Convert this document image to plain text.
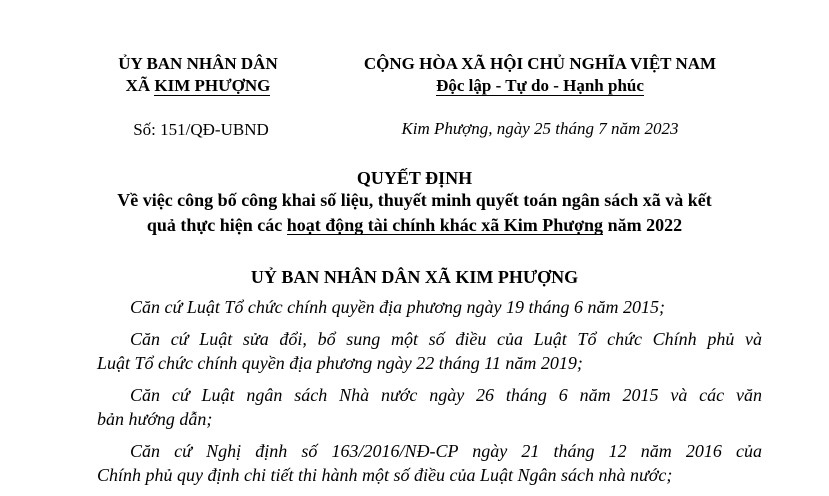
ỦY BAN NHÂN DÂN
XÃ KIM PHƯỢNG
CỘNG HÒA XÃ HỘI CHỦ NGHĨA VIỆT NAM
Độc lập - Tự do - Hạnh phúc
Số: 151/QĐ-UBND	Kim Phượng, ngày 25 tháng 7 năm 2023
QUYẾT ĐỊNH
Về việc công bố công khai số liệu, thuyết minh quyết toán ngân sách xã và kết
quả thực hiện các hoạt động tài chính khác xã Kim Phượng năm 2022
UỶ BAN NHÂN DÂN XÃ KIM PHƯỢNG
Căn cứ Luật Tổ chức chính quyền địa phương ngày 19 tháng 6 năm 2015;
Căn cứ Luật sửa đổi, bổ sung một số điều của Luật Tổ chức Chính phủ và
Luật Tổ chức chính quyền địa phương ngày 22 tháng 11 năm 2019;
Căn cứ Luật ngân sách Nhà nước ngày 26 tháng 6 năm 2015 và các văn
bản hướng dẫn;
Căn cứ Nghị định số 163/2016/NĐ-CP ngày 21 tháng 12 năm 2016 của
Chính phủ quy định chi tiết thi hành một số điều của Luật Ngân sách nhà nước;
